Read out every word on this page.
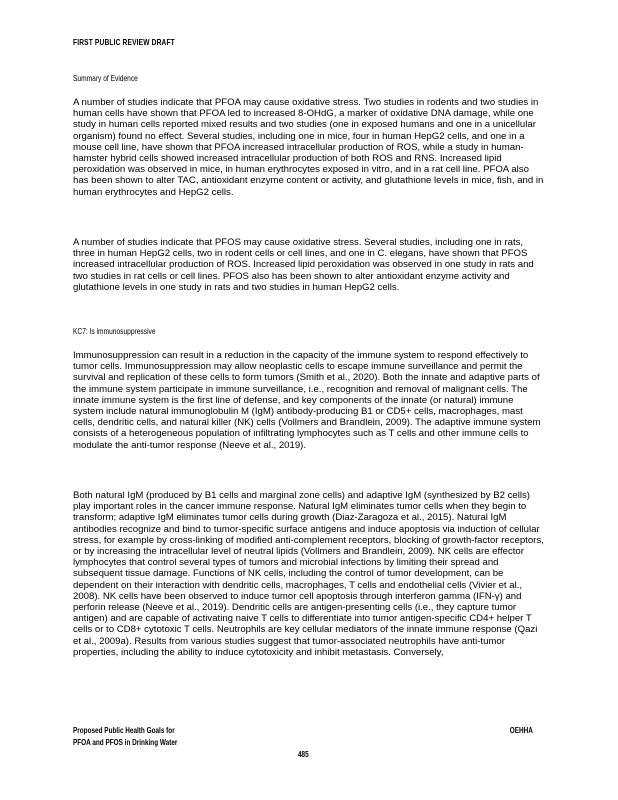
FIRST PUBLIC REVIEW DRAFT
Summary of Evidence

A number of studies indicate that PFOA may cause oxidative stress. Two studies in rodents and two studies in human cells have shown that PFOA led to increased 8-OHdG, a marker of oxidative DNA damage, while one study in human cells reported mixed results and two studies (one in exposed humans and one in a unicellular organism) found no effect. Several studies, including one in mice, four in human HepG2 cells, and one in a mouse cell line, have shown that PFOA increased intracellular production of ROS, while a study in human-hamster hybrid cells showed increased intracellular production of both ROS and RNS. Increased lipid peroxidation was observed in mice, in human erythrocytes exposed in vitro, and in a rat cell line. PFOA also has been shown to alter TAC, antioxidant enzyme content or activity, and glutathione levels in mice, fish, and in human erythrocytes and HepG2 cells.

A number of studies indicate that PFOS may cause oxidative stress. Several studies, including one in rats, three in human HepG2 cells, two in rodent cells or cell lines, and one in C. elegans, have shown that PFOS increased intracellular production of ROS. Increased lipid peroxidation was observed in one study in rats and two studies in rat cells or cell lines. PFOS also has been shown to alter antioxidant enzyme activity and glutathione levels in one study in rats and two studies in human HepG2 cells.

KC7: Is immunosuppressive

Immunosuppression can result in a reduction in the capacity of the immune system to respond effectively to tumor cells. Immunosuppression may allow neoplastic cells to escape immune surveillance and permit the survival and replication of these cells to form tumors (Smith et al., 2020). Both the innate and adaptive parts of the immune system participate in immune surveillance, i.e., recognition and removal of malignant cells. The innate immune system is the first line of defense, and key components of the innate (or natural) immune system include natural immunoglobulin M (IgM) antibody-producing B1 or CD5+ cells, macrophages, mast cells, dendritic cells, and natural killer (NK) cells (Vollmers and Brandlein, 2009). The adaptive immune system consists of a heterogeneous population of infiltrating lymphocytes such as T cells and other immune cells to modulate the anti-tumor response (Neeve et al., 2019).

Both natural IgM (produced by B1 cells and marginal zone cells) and adaptive IgM (synthesized by B2 cells) play important roles in the cancer immune response. Natural IgM eliminates tumor cells when they begin to transform; adaptive IgM eliminates tumor cells during growth (Diaz-Zaragoza et al., 2015). Natural IgM antibodies recognize and bind to tumor-specific surface antigens and induce apoptosis via induction of cellular stress, for example by cross-linking of modified anti-complement receptors, blocking of growth-factor receptors, or by increasing the intracellular level of neutral lipids (Vollmers and Brandlein, 2009). NK cells are effector lymphocytes that control several types of tumors and microbial infections by limiting their spread and subsequent tissue damage. Functions of NK cells, including the control of tumor development, can be dependent on their interaction with dendritic cells, macrophages, T cells and endothelial cells (Vivier et al., 2008). NK cells have been observed to induce tumor cell apoptosis through interferon gamma (IFN-γ) and perforin release (Neeve et al., 2019). Dendritic cells are antigen-presenting cells (i.e., they capture tumor antigen) and are capable of activating naive T cells to differentiate into tumor antigen-specific CD4+ helper T cells or to CD8+ cytotoxic T cells. Neutrophils are key cellular mediators of the innate immune response (Qazi et al., 2009a). Results from various studies suggest that tumor-associated neutrophils have anti-tumor properties, including the ability to induce cytotoxicity and inhibit metastasis. Conversely,

Proposed Public Health Goals for
PFOA and PFOS in Drinking Water
OEHHA
485
